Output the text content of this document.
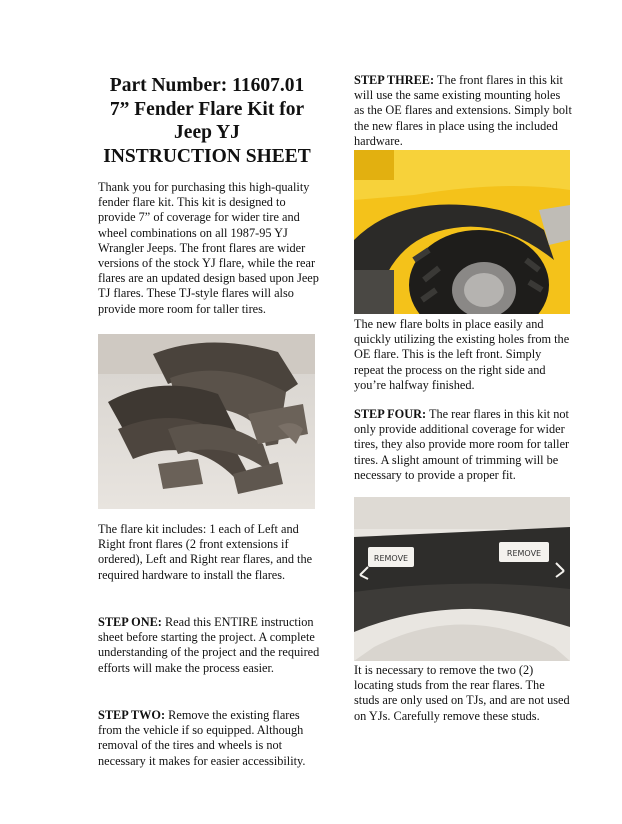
Part Number: 11607.01
7” Fender Flare Kit for
Jeep YJ
INSTRUCTION SHEET

Thank you for purchasing this high-quality fender flare kit. This kit is designed to provide 7” of coverage for wider tire and wheel combinations on all 1987-95 YJ Wrangler Jeeps. The front flares are wider versions of the stock YJ flare, while the rear flares are an updated design based upon Jeep TJ flares. These TJ-style flares will also provide more room for taller tires.

The flare kit includes: 1 each of Left and Right front flares (2 front extensions if ordered), Left and Right rear flares, and the required hardware to install the flares.

STEP ONE: Read this ENTIRE instruction sheet before starting the project. A complete understanding of the project and the required efforts will make the process easier.

STEP TWO: Remove the existing flares from the vehicle if so equipped. Although removal of the tires and wheels is not necessary it makes for easier accessibility.

STEP THREE: The front flares in this kit will use the same existing mounting holes as the OE flares and extensions. Simply bolt the new flares in place using the included hardware.

The new flare bolts in place easily and quickly utilizing the existing holes from the OE flare. This is the left front. Simply repeat the process on the right side and you’re halfway finished.

STEP FOUR: The rear flares in this kit not only provide additional coverage for wider tires, they also provide more room for taller tires. A slight amount of trimming will be necessary to provide a proper fit.

REMOVE
REMOVE

It is necessary to remove the two (2) locating studs from the rear flares. The studs are only used on TJs, and are not used on YJs. Carefully remove these studs.
